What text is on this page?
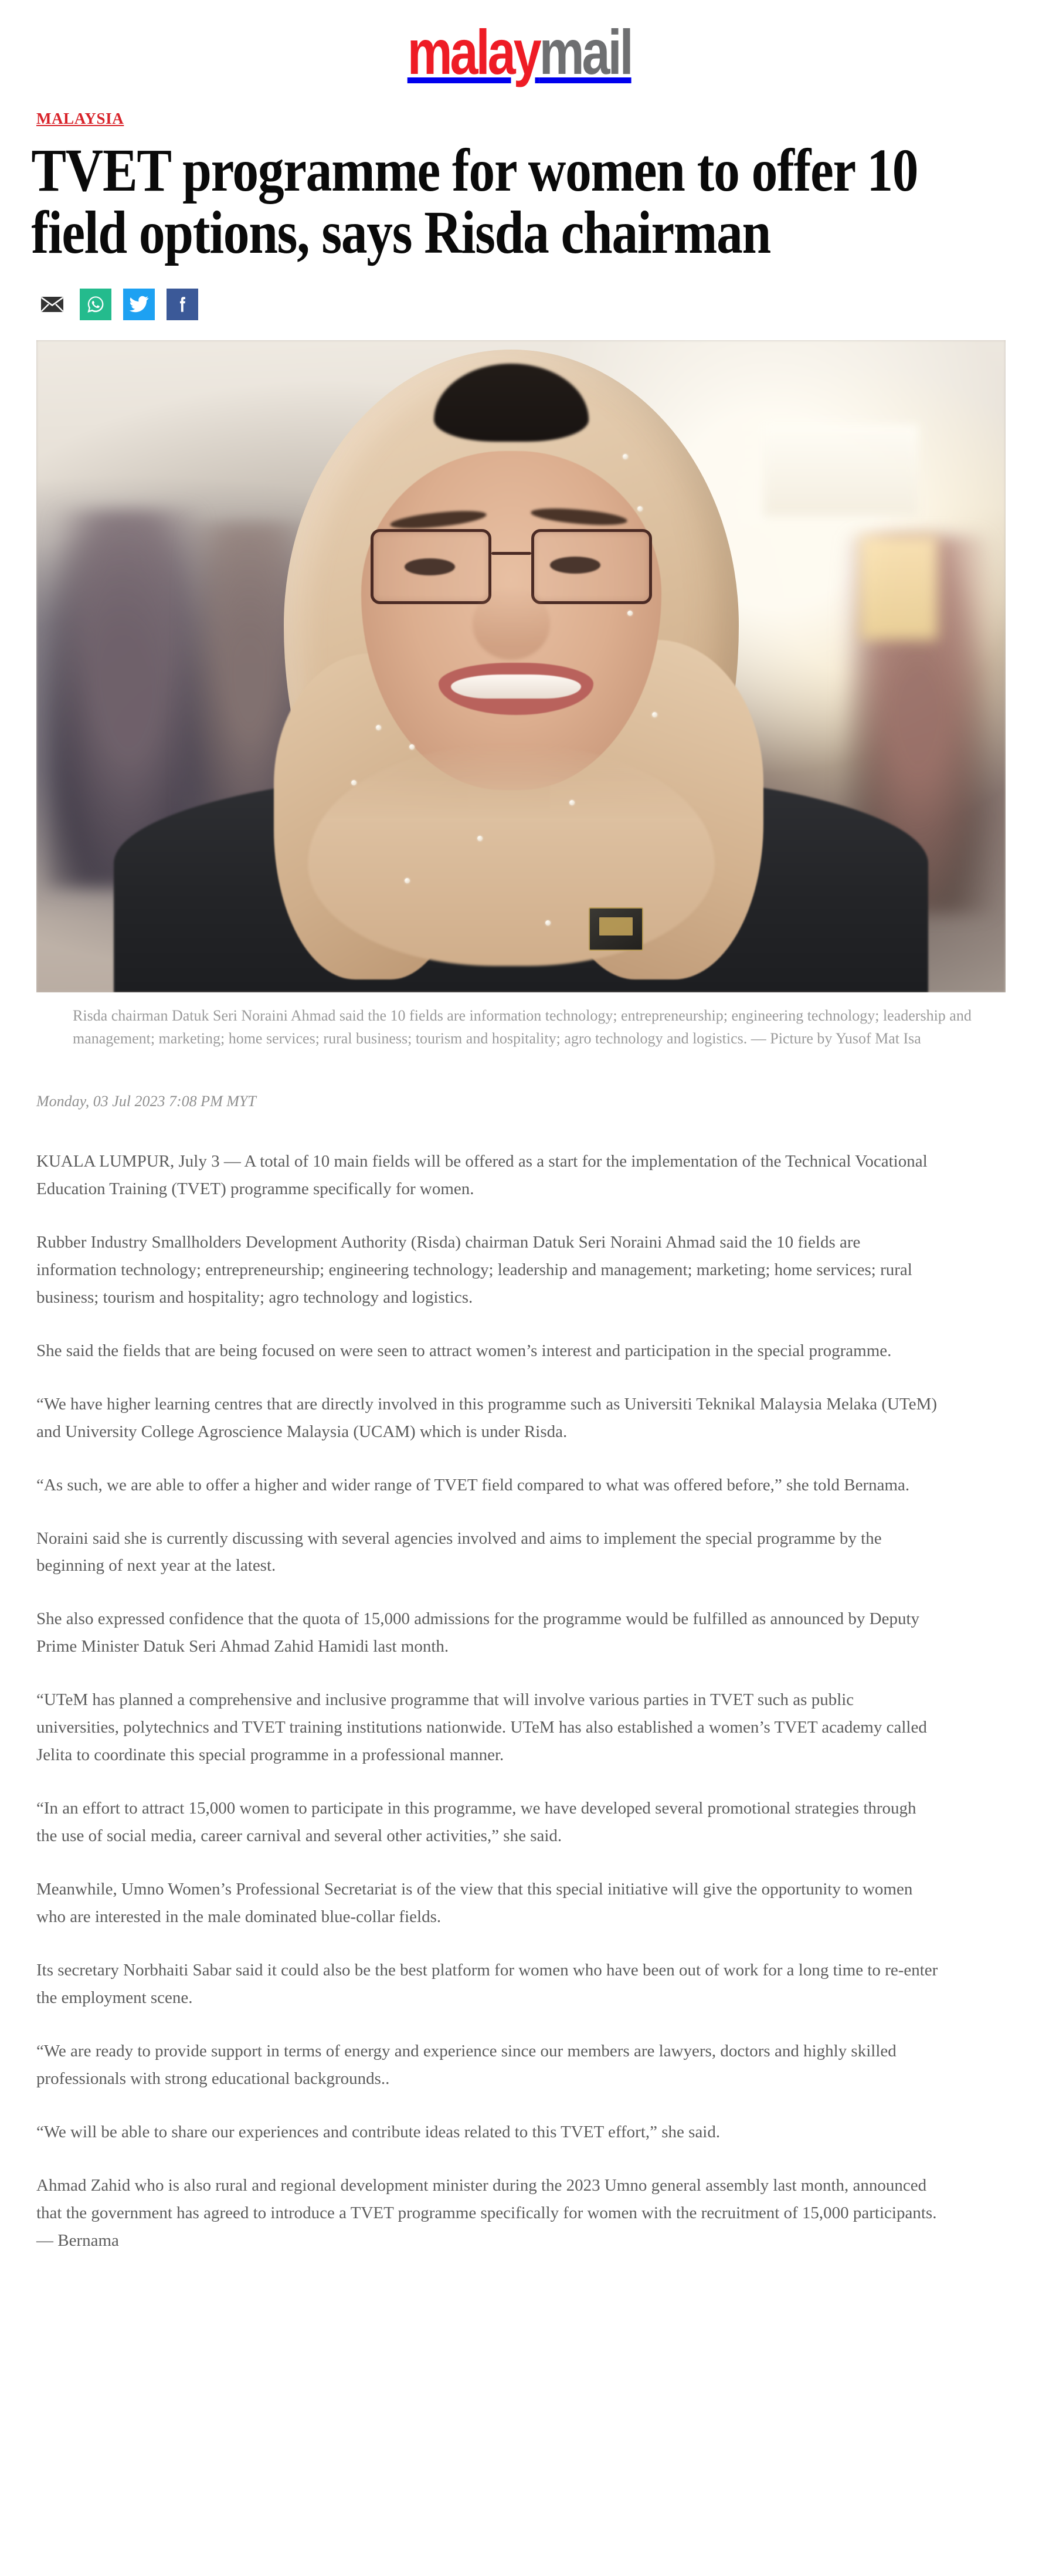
malaymail
MALAYSIA
TVET programme for women to offer 10 field options, says Risda chairman
Risda chairman Datuk Seri Noraini Ahmad said the 10 fields are information technology; entrepreneurship; engineering technology; leadership and management; marketing; home services; rural business; tourism and hospitality; agro technology and logistics. — Picture by Yusof Mat Isa
Monday, 03 Jul 2023 7:08 PM MYT

KUALA LUMPUR, July 3 — A total of 10 main fields will be offered as a start for the implementation of the Technical Vocational Education Training (TVET) programme specifically for women.

Rubber Industry Smallholders Development Authority (Risda) chairman Datuk Seri Noraini Ahmad said the 10 fields are information technology; entrepreneurship; engineering technology; leadership and management; marketing; home services; rural business; tourism and hospitality; agro technology and logistics.

She said the fields that are being focused on were seen to attract women’s interest and participation in the special programme.

“We have higher learning centres that are directly involved in this programme such as Universiti Teknikal Malaysia Melaka (UTeM) and University College Agroscience Malaysia (UCAM) which is under Risda.

“As such, we are able to offer a higher and wider range of TVET field compared to what was offered before,” she told Bernama.

Noraini said she is currently discussing with several agencies involved and aims to implement the special programme by the beginning of next year at the latest.

She also expressed confidence that the quota of 15,000 admissions for the programme would be fulfilled as announced by Deputy Prime Minister Datuk Seri Ahmad Zahid Hamidi last month.

“UTeM has planned a comprehensive and inclusive programme that will involve various parties in TVET such as public universities, polytechnics and TVET training institutions nationwide. UTeM has also established a women’s TVET academy called Jelita to coordinate this special programme in a professional manner.

“In an effort to attract 15,000 women to participate in this programme, we have developed several promotional strategies through the use of social media, career carnival and several other activities,” she said.

Meanwhile, Umno Women’s Professional Secretariat is of the view that this special initiative will give the opportunity to women who are interested in the male dominated blue-collar fields.

Its secretary Norbhaiti Sabar said it could also be the best platform for women who have been out of work for a long time to re-enter the employment scene.

“We are ready to provide support in terms of energy and experience since our members are lawyers, doctors and highly skilled professionals with strong educational backgrounds..

“We will be able to share our experiences and contribute ideas related to this TVET effort,” she said.

Ahmad Zahid who is also rural and regional development minister during the 2023 Umno general assembly last month, announced that the government has agreed to introduce a TVET programme specifically for women with the recruitment of 15,000 participants. — Bernama
